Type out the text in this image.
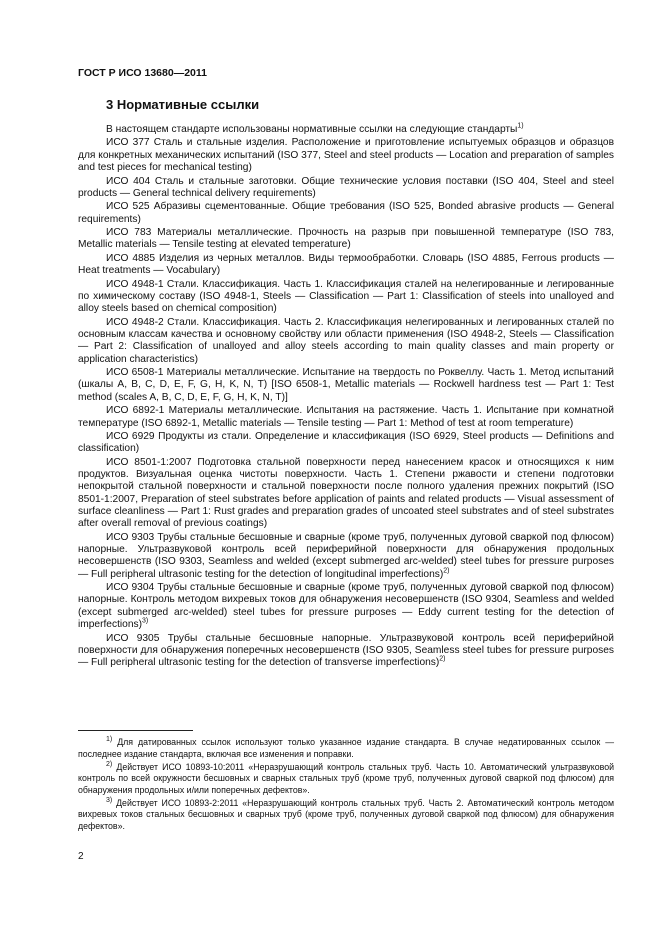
ГОСТ Р ИСО 13680—2011
3 Нормативные ссылки

В настоящем стандарте использованы нормативные ссылки на следующие стандарты$^{1)}$

ИСО 377 Сталь и стальные изделия. Расположение и приготовление испытуемых образцов и образцов для конкретных механических испытаний (ISO 377, Steel and steel products — Location and preparation of samples and test pieces for mechanical testing)

ИСО 404 Сталь и стальные заготовки. Общие технические условия поставки (ISO 404, Steel and steel products — General technical delivery requirements)

ИСО 525 Абразивы сцементованные. Общие требования (ISO 525, Bonded abrasive products — General requirements)

ИСО 783 Материалы металлические. Прочность на разрыв при повышенной температуре (ISO 783, Metallic materials — Tensile testing at elevated temperature)

ИСО 4885 Изделия из черных металлов. Виды термообработки. Словарь (ISO 4885, Ferrous products — Heat treatments — Vocabulary)

ИСО 4948-1 Стали. Классификация. Часть 1. Классификация сталей на нелегированные и легированные по химическому составу (ISO 4948-1, Steels — Classification — Part 1: Classification of steels into unalloyed and alloy steels based on chemical composition)

ИСО 4948-2 Стали. Классификация. Часть 2. Классификация нелегированных и легированных сталей по основным классам качества и основному свойству или области применения (ISO 4948-2, Steels — Classification — Part 2: Classification of unalloyed and alloy steels according to main quality classes and main property or application characteristics)

ИСО 6508-1 Материалы металлические. Испытание на твердость по Роквеллу. Часть 1. Метод испытаний (шкалы A, B, C, D, E, F, G, H, K, N, T) [ISO 6508-1, Metallic materials — Rockwell hardness test — Part 1: Test method (scales A, B, C, D, E, F, G, H, K, N, T)]

ИСО 6892-1 Материалы металлические. Испытания на растяжение. Часть 1. Испытание при комнатной температуре (ISO 6892-1, Metallic materials — Tensile testing — Part 1: Method of test at room temperature)

ИСО 6929 Продукты из стали. Определение и классификация (ISO 6929, Steel products — Definitions and classification)

ИСО 8501-1:2007 Подготовка стальной поверхности перед нанесением красок и относящихся к ним продуктов. Визуальная оценка чистоты поверхности. Часть 1. Степени ржавости и степени подготовки непокрытой стальной поверхности и стальной поверхности после полного удаления прежних покрытий (ISO 8501-1:2007, Preparation of steel substrates before application of paints and related products — Visual assessment of surface cleanliness — Part 1: Rust grades and preparation grades of uncoated steel substrates and of steel substrates after overall removal of previous coatings)

ИСО 9303 Трубы стальные бесшовные и сварные (кроме труб, полученных дуговой сваркой под флюсом) напорные. Ультразвуковой контроль всей периферийной поверхности для обнаружения продольных несовершенств (ISO 9303, Seamless and welded (except submerged arc-welded) steel tubes for pressure purposes — Full peripheral ultrasonic testing for the detection of longitudinal imperfections)$^{2)}$

ИСО 9304 Трубы стальные бесшовные и сварные (кроме труб, полученных дуговой сваркой под флюсом) напорные. Контроль методом вихревых токов для обнаружения несовершенств (ISO 9304, Seamless and welded (except submerged arc-welded) steel tubes for pressure purposes — Eddy current testing for the detection of imperfections)$^{3)}$

ИСО 9305 Трубы стальные бесшовные напорные. Ультразвуковой контроль всей периферийной поверхности для обнаружения поперечных несовершенств (ISO 9305, Seamless steel tubes for pressure purposes — Full peripheral ultrasonic testing for the detection of transverse imperfections)$^{2)}$

$^{1)}$ Для датированных ссылок используют только указанное издание стандарта. В случае недатированных ссылок — последнее издание стандарта, включая все изменения и поправки.

$^{2)}$ Действует ИСО 10893-10:2011 «Неразрушающий контроль стальных труб. Часть 10. Автоматический ультразвуковой контроль по всей окружности бесшовных и сварных стальных труб (кроме труб, полученных дуговой сваркой под флюсом) для обнаружения продольных и/или поперечных дефектов».

$^{3)}$ Действует ИСО 10893-2:2011 «Неразрушающий контроль стальных труб. Часть 2. Автоматический контроль методом вихревых токов стальных бесшовных и сварных труб (кроме труб, полученных дуговой сваркой под флюсом) для обнаружения дефектов».

2
